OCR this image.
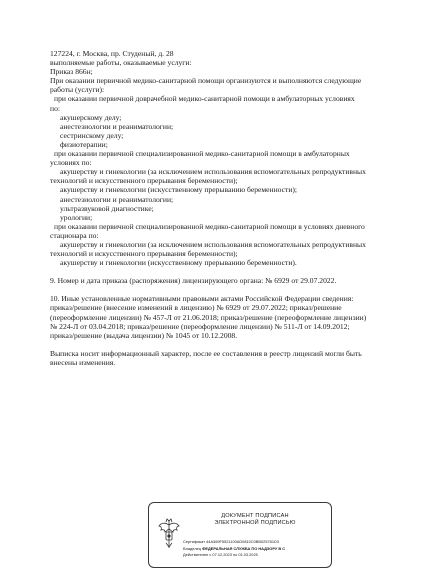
127224, г. Москва, пр. Студеный, д. 28

выполняемые работы, оказываемые услуги:

Приказ 866н;

При оказании первичной медико-санитарной помощи организуются и выполняются следующие

работы (услуги):

при оказании первичной доврачебной медико-санитарной помощи в амбулаторных условиях

по:

акушерскому делу;

анестезиологии и реаниматологии;

сестринскому делу;

физиотерапии;

при оказании первичной специализированной медико-санитарной помощи в амбулаторных

условиях по:

акушерству и гинекологии (за исключением использования вспомогательных репродуктивных

технологий и искусственного прерывания беременности);

акушерству и гинекологии (искусственному прерыванию беременности);

анестезиологии и реаниматологии;

ультразвуковой диагностике;

урологии;

при оказании первичной специализированной медико-санитарной помощи в условиях дневного

стационара по:

акушерству и гинекологии (за исключением использования вспомогательных репродуктивных

технологий и искусственного прерывания беременности);

акушерству и гинекологии (искусственному прерыванию беременности).

9. Номер и дата приказа (распоряжения) лицензирующего органа: № 6929 от 29.07.2022.

10. Иные установленные нормативными правовыми актами Российской Федерации сведения:

приказ/решение (внесение изменений в лицензию) № 6929 от 29.07.2022; приказ/решение

(переоформление лицензии) № 457-Л от 21.06.2018; приказ/решение (переоформление лицензии)

№ 224-Л от 03.04.2018; приказ/решение (переоформление лицензии) № 511-Л от 14.09.2012;

приказ/решение (выдача лицензии) № 1045 от 10.12.2008.

Выписка носит информационный характер, после ее составления в реестр лицензий могли быть

внесены изменения.

ДОКУМЕНТ ПОДПИСАН
ЭЛЕКТРОННОЙ ПОДПИСЬЮ
Сертификат 44A369F5521100AD0810C0BB025781D3
Владелец ФЕДЕРАЛЬНАЯ СЛУЖБА ПО НАДЗОРУ В С
Действителен с 07.12.2023 по 01.03.2025
